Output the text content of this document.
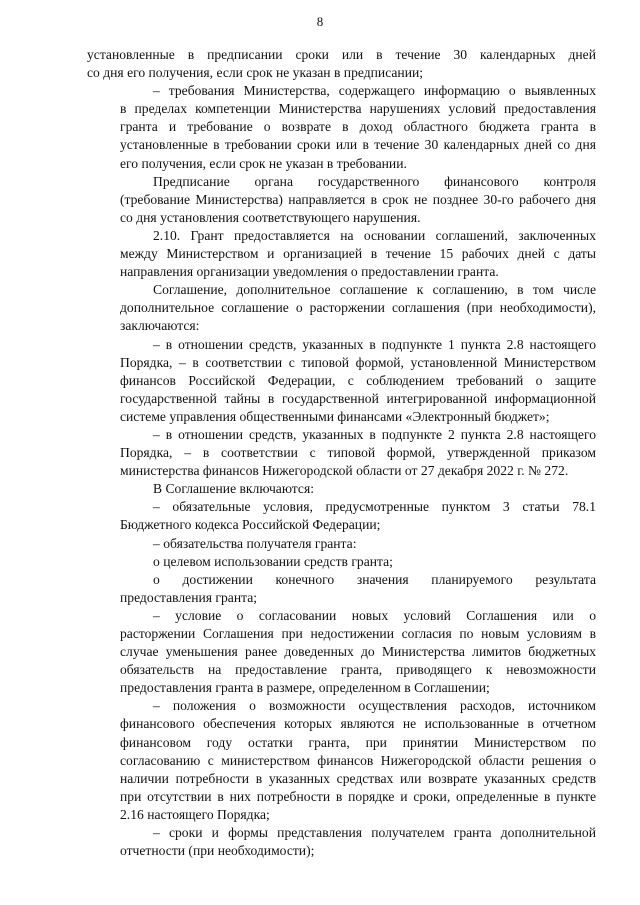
8
установленные в предписании сроки или в течение 30 календарных дней
со дня его получения, если срок не указан в предписании;
– требования Министерства, содержащего информацию о выявленных
в пределах компетенции Министерства нарушениях условий предоставления
гранта и требование о возврате в доход областного бюджета гранта в
установленные в требовании сроки или в течение 30 календарных дней со дня
его получения, если срок не указан в требовании.
Предписание органа государственного финансового контроля
(требование Министерства) направляется в срок не позднее 30-го рабочего дня
со дня установления соответствующего нарушения.
2.10. Грант предоставляется на основании соглашений, заключенных
между Министерством и организацией в течение 15 рабочих дней с даты
направления организации уведомления о предоставлении гранта.
Соглашение, дополнительное соглашение к соглашению, в том числе
дополнительное соглашение о расторжении соглашения (при необходимости),
заключаются:
– в отношении средств, указанных в подпункте 1 пункта 2.8 настоящего
Порядка, – в соответствии с типовой формой, установленной Министерством
финансов Российской Федерации, с соблюдением требований о защите
государственной тайны в государственной интегрированной информационной
системе управления общественными финансами «Электронный бюджет»;
– в отношении средств, указанных в подпункте 2 пункта 2.8 настоящего
Порядка, – в соответствии с типовой формой, утвержденной приказом
министерства финансов Нижегородской области от 27 декабря 2022 г. № 272.
В Соглашение включаются:
– обязательные условия, предусмотренные пунктом 3 статьи 78.1
Бюджетного кодекса Российской Федерации;
– обязательства получателя гранта:
о целевом использовании средств гранта;
о достижении конечного значения планируемого результата
предоставления гранта;
– условие о согласовании новых условий Соглашения или о
расторжении Соглашения при недостижении согласия по новым условиям в
случае уменьшения ранее доведенных до Министерства лимитов бюджетных
обязательств на предоставление гранта, приводящего к невозможности
предоставления гранта в размере, определенном в Соглашении;
– положения о возможности осуществления расходов, источником
финансового обеспечения которых являются не использованные в отчетном
финансовом году остатки гранта, при принятии Министерством по
согласованию с министерством финансов Нижегородской области решения о
наличии потребности в указанных средствах или возврате указанных средств
при отсутствии в них потребности в порядке и сроки, определенные в пункте
2.16 настоящего Порядка;
– сроки и формы представления получателем гранта дополнительной
отчетности (при необходимости);
